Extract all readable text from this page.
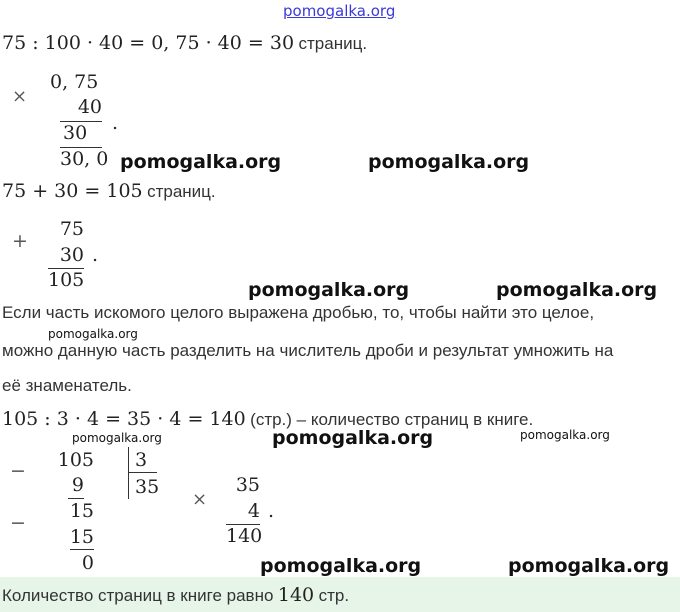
pomogalka.org
75 : 100 · 40 = 0, 75 · 40 = 30 страниц.
×
0, 75
40
30 .
30, 0 pomogalka.org	pomogalka.org
75 + 30 = 105 страниц.
+
75
30
105
.
pomogalka.org	pomogalka.org
Если часть искомого целого выражена дробью, то, чтобы найти это целое,
pomogalka.org
можно данную часть разделить на числитель дроби и результат умножить на
её знаменатель.
105 : 3 · 4 = 35 · 4 = 140 (стр.) – количество страниц в книге.
pomogalka.org	pomogalka.org	pomogalka.org
− 105
9
15
−
15
0
3
35
×
35
4
140
.
pomogalka.org	pomogalka.org
Количество страниц в книге равно 140 стр.
